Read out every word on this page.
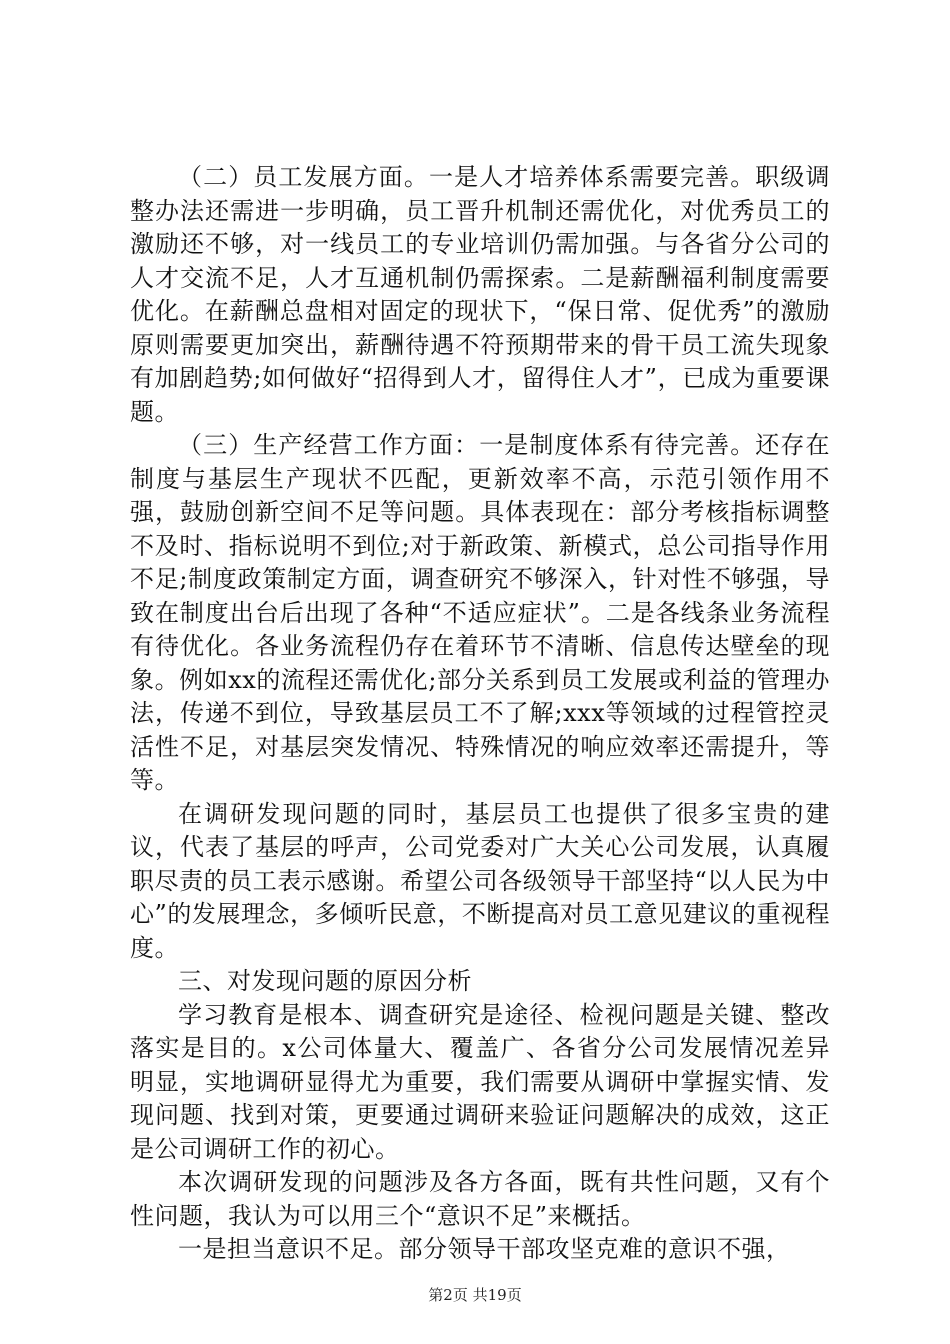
（二）员工发展方面。一是人才培养体系需要完善。职级调整办法还需进一步明确，员工晋升机制还需优化，对优秀员工的激励还不够，对一线员工的专业培训仍需加强。与各省分公司的人才交流不足，人才互通机制仍需探索。二是薪酬福利制度需要优化。在薪酬总盘相对固定的现状下，“保日常、促优秀”的激励原则需要更加突出，薪酬待遇不符预期带来的骨干员工流失现象有加剧趋势;如何做好“招得到人才，留得住人才”，已成为重要课题。

（三）生产经营工作方面：一是制度体系有待完善。还存在制度与基层生产现状不匹配，更新效率不高，示范引领作用不强，鼓励创新空间不足等问题。具体表现在：部分考核指标调整不及时、指标说明不到位;对于新政策、新模式，总公司指导作用不足;制度政策制定方面，调查研究不够深入，针对性不够强，导致在制度出台后出现了各种“不适应症状”。二是各线条业务流程有待优化。各业务流程仍存在着环节不清晰、信息传达壁垒的现象。例如xx的流程还需优化;部分关系到员工发展或利益的管理办法，传递不到位，导致基层员工不了解;xxx等领域的过程管控灵活性不足，对基层突发情况、特殊情况的响应效率还需提升，等等。

在调研发现问题的同时，基层员工也提供了很多宝贵的建议，代表了基层的呼声，公司党委对广大关心公司发展，认真履职尽责的员工表示感谢。希望公司各级领导干部坚持“以人民为中心”的发展理念，多倾听民意，不断提高对员工意见建议的重视程度。

三、对发现问题的原因分析

学习教育是根本、调查研究是途径、检视问题是关键、整改落实是目的。x公司体量大、覆盖广、各省分公司发展情况差异明显，实地调研显得尤为重要，我们需要从调研中掌握实情、发现问题、找到对策，更要通过调研来验证问题解决的成效，这正是公司调研工作的初心。

本次调研发现的问题涉及各方各面，既有共性问题，又有个性问题，我认为可以用三个“意识不足”来概括。

一是担当意识不足。部分领导干部攻坚克难的意识不强，

第2页 共19页
